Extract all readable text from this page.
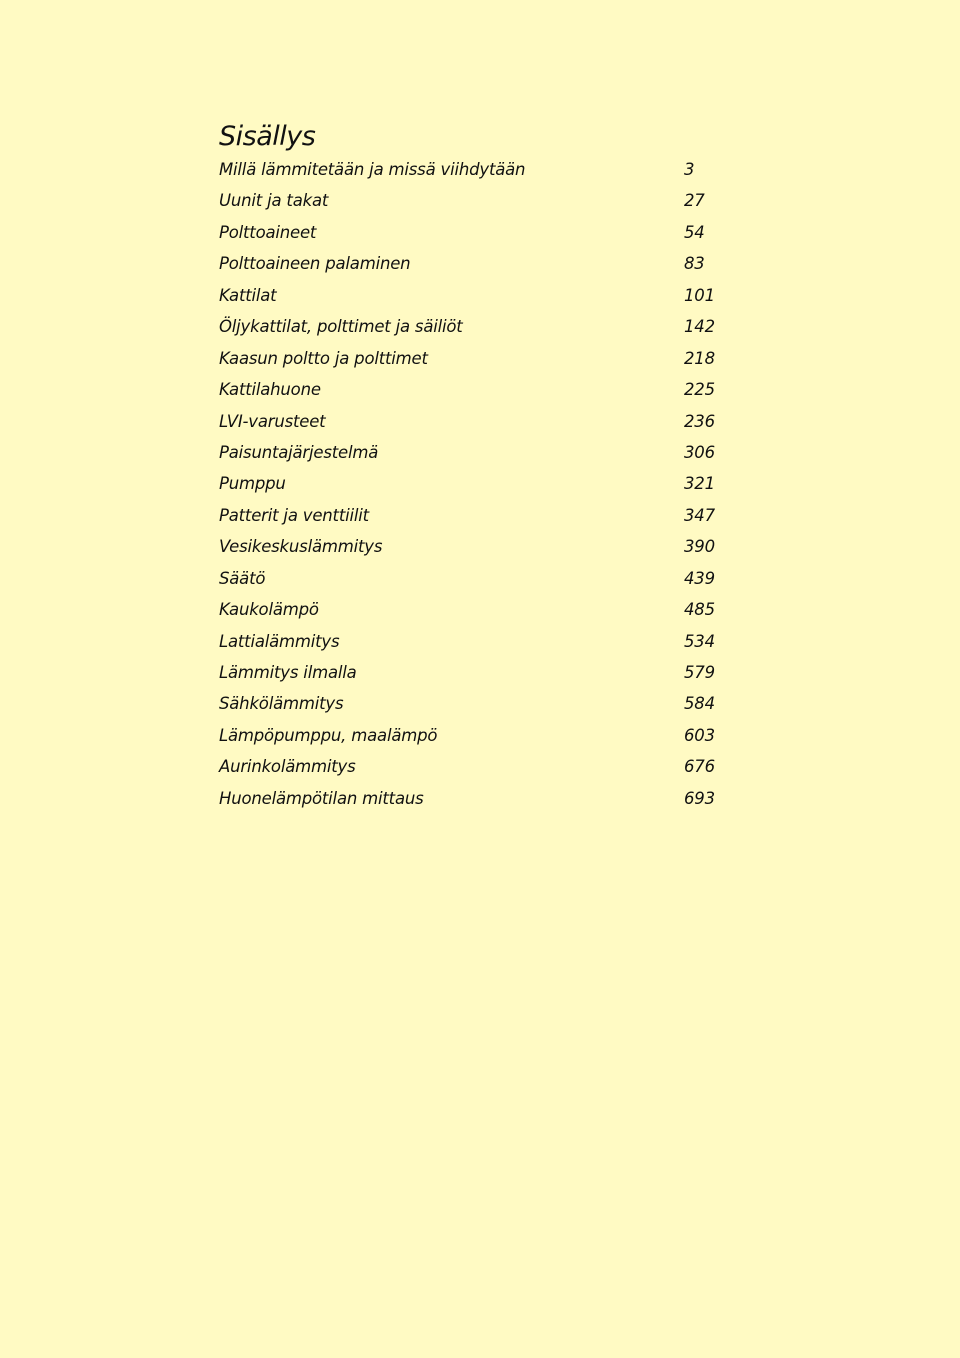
Sisällys
Millä lämmitetään ja missä viihdytään	3
Uunit ja takat	27
Polttoaineet	54
Polttoaineen palaminen	83
Kattilat	101
Öljykattilat, polttimet ja säiliöt	142
Kaasun poltto ja polttimet	218
Kattilahuone	225
LVI-varusteet	236
Paisuntajärjestelmä	306
Pumppu	321
Patterit ja venttiilit	347
Vesikeskuslämmitys	390
Säätö	439
Kaukolämpö	485
Lattialämmitys	534
Lämmitys ilmalla	579
Sähkölämmitys	584
Lämpöpumppu, maalämpö	603
Aurinkolämmitys	676
Huonelämpötilan mittaus	693
